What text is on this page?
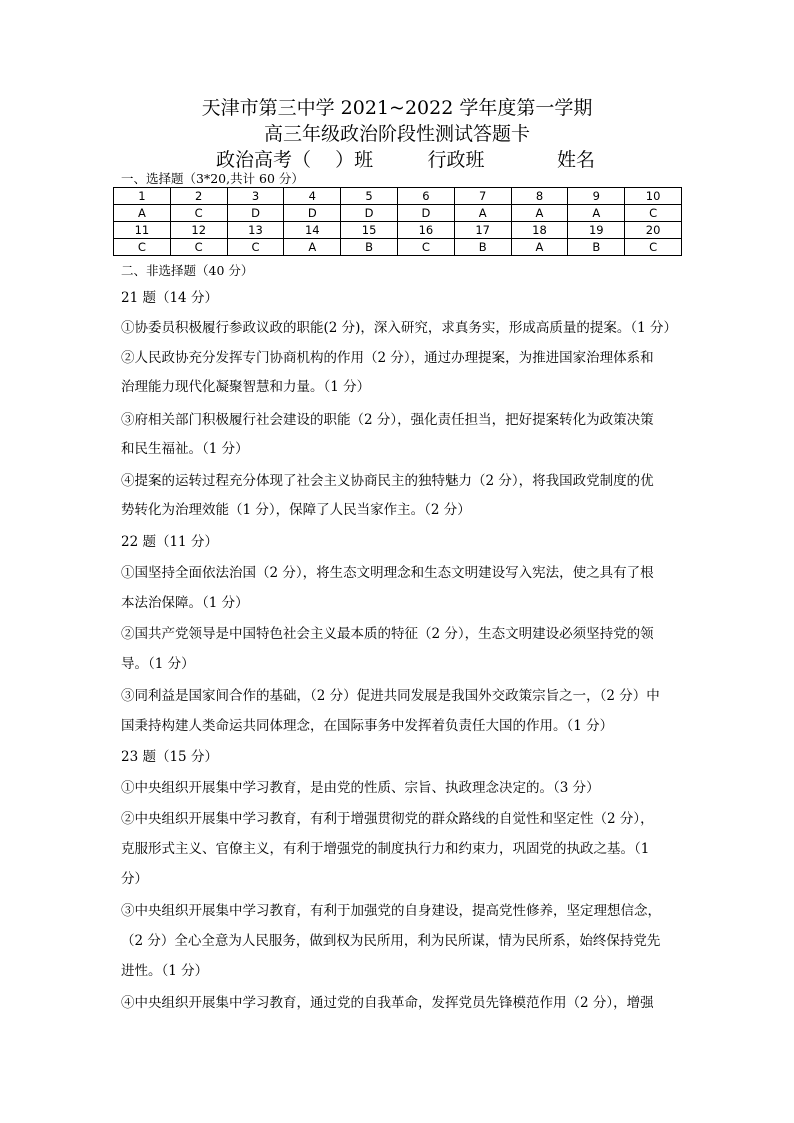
天津市第三中学 2021~2022 学年度第一学期
高三年级政治阶段性测试答题卡
政治高考（    ）班         行政班            姓名
一、选择题（3*20,共计 60 分）
1	2	3	4	5	6	7	8	9	10
A	C	D	D	D	D	A	A	A	C
11	12	13	14	15	16	17	18	19	20
C	C	C	A	B	C	B	A	B	C
二、非选择题（40 分）
21 题（14 分）
①协委员积极履行参政议政的职能(2 分)，深入研究，求真务实，形成高质量的提案。（1 分）
②人民政协充分发挥专门协商机构的作用（2 分），通过办理提案，为推进国家治理体系和
治理能力现代化凝聚智慧和力量。（1 分）
③府相关部门积极履行社会建设的职能（2 分），强化责任担当，把好提案转化为政策决策
和民生福祉。（1 分）
④提案的运转过程充分体现了社会主义协商民主的独特魅力（2 分），将我国政党制度的优
势转化为治理效能（1 分），保障了人民当家作主。（2 分）
22 题（11 分）
①国坚持全面依法治国（2 分），将生态文明理念和生态文明建设写入宪法，使之具有了根
本法治保障。（1 分）
②国共产党领导是中国特色社会主义最本质的特征（2 分），生态文明建设必须坚持党的领
导。（1 分）
③同利益是国家间合作的基础，（2 分）促进共同发展是我国外交政策宗旨之一，（2 分）中
国秉持构建人类命运共同体理念，在国际事务中发挥着负责任大国的作用。（1 分）
23 题（15 分）
①中央组织开展集中学习教育，是由党的性质、宗旨、执政理念决定的。（3 分）
②中央组织开展集中学习教育，有利于增强贯彻党的群众路线的自觉性和坚定性（2 分），
克服形式主义、官僚主义，有利于增强党的制度执行力和约束力，巩固党的执政之基。（1
分）
③中央组织开展集中学习教育，有利于加强党的自身建设，提高党性修养，坚定理想信念，
（2 分）全心全意为人民服务，做到权为民所用，利为民所谋，情为民所系，始终保持党先
进性。（1 分）
④中央组织开展集中学习教育，通过党的自我革命，发挥党员先锋模范作用（2 分），增强
